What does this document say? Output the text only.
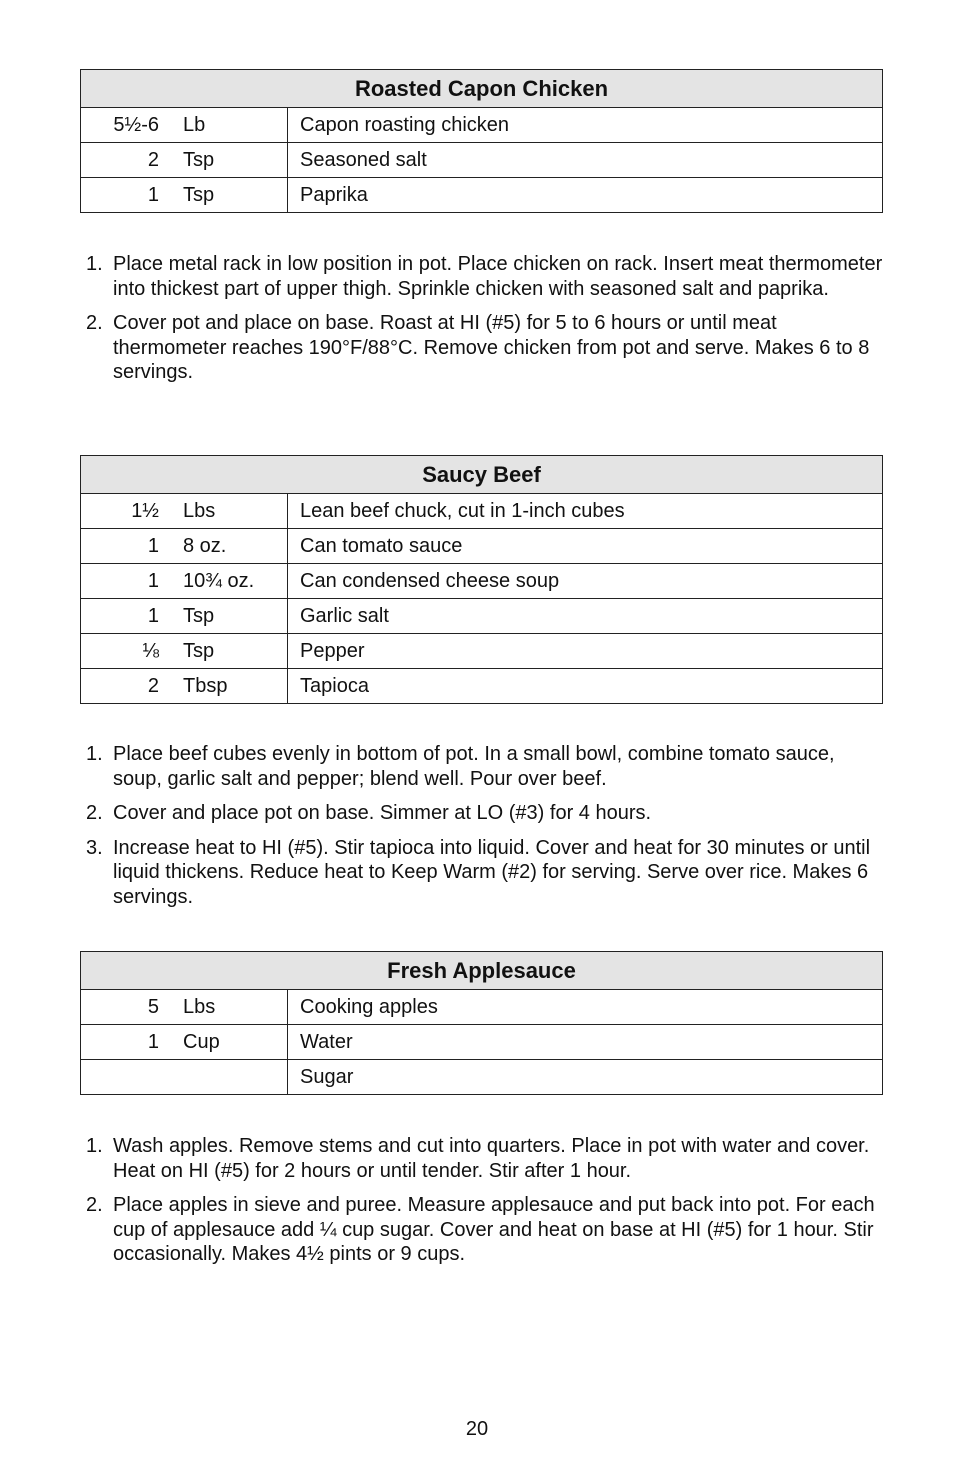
Roasted Capon Chicken	
5½-6 Lb	Capon roasting chicken
2 Tsp	Seasoned salt
1 Tsp	Paprika
1. Place metal rack in low position in pot. Place chicken on rack. Insert meat thermometer into thickest part of upper thigh. Sprinkle chicken with seasoned salt and paprika.
2. Cover pot and place on base. Roast at HI (#5) for 5 to 6 hours or until meat thermometer reaches 190°F/88°C. Remove chicken from pot and serve. Makes 6 to 8 servings.
Saucy Beef	
1½ Lbs	Lean beef chuck, cut in 1-inch cubes
1 8 oz.	Can tomato sauce
1 10¾ oz.	Can condensed cheese soup
1 Tsp	Garlic salt
⅛ Tsp	Pepper
2 Tbsp	Tapioca
1. Place beef cubes evenly in bottom of pot. In a small bowl, combine tomato sauce, soup, garlic salt and pepper; blend well. Pour over beef.
2. Cover and place pot on base. Simmer at LO (#3) for 4 hours.
3. Increase heat to HI (#5). Stir tapioca into liquid. Cover and heat for 30 minutes or until liquid thickens. Reduce heat to Keep Warm (#2) for serving. Serve over rice. Makes 6 servings.
Fresh Applesauce	
5 Lbs	Cooking apples
1 Cup	Water
	Sugar
1. Wash apples. Remove stems and cut into quarters. Place in pot with water and cover. Heat on HI (#5) for 2 hours or until tender. Stir after 1 hour.
2. Place apples in sieve and puree. Measure applesauce and put back into pot. For each cup of applesauce add ¼ cup sugar. Cover and heat on base at HI (#5) for 1 hour. Stir occasionally. Makes 4½ pints or 9 cups.
20
